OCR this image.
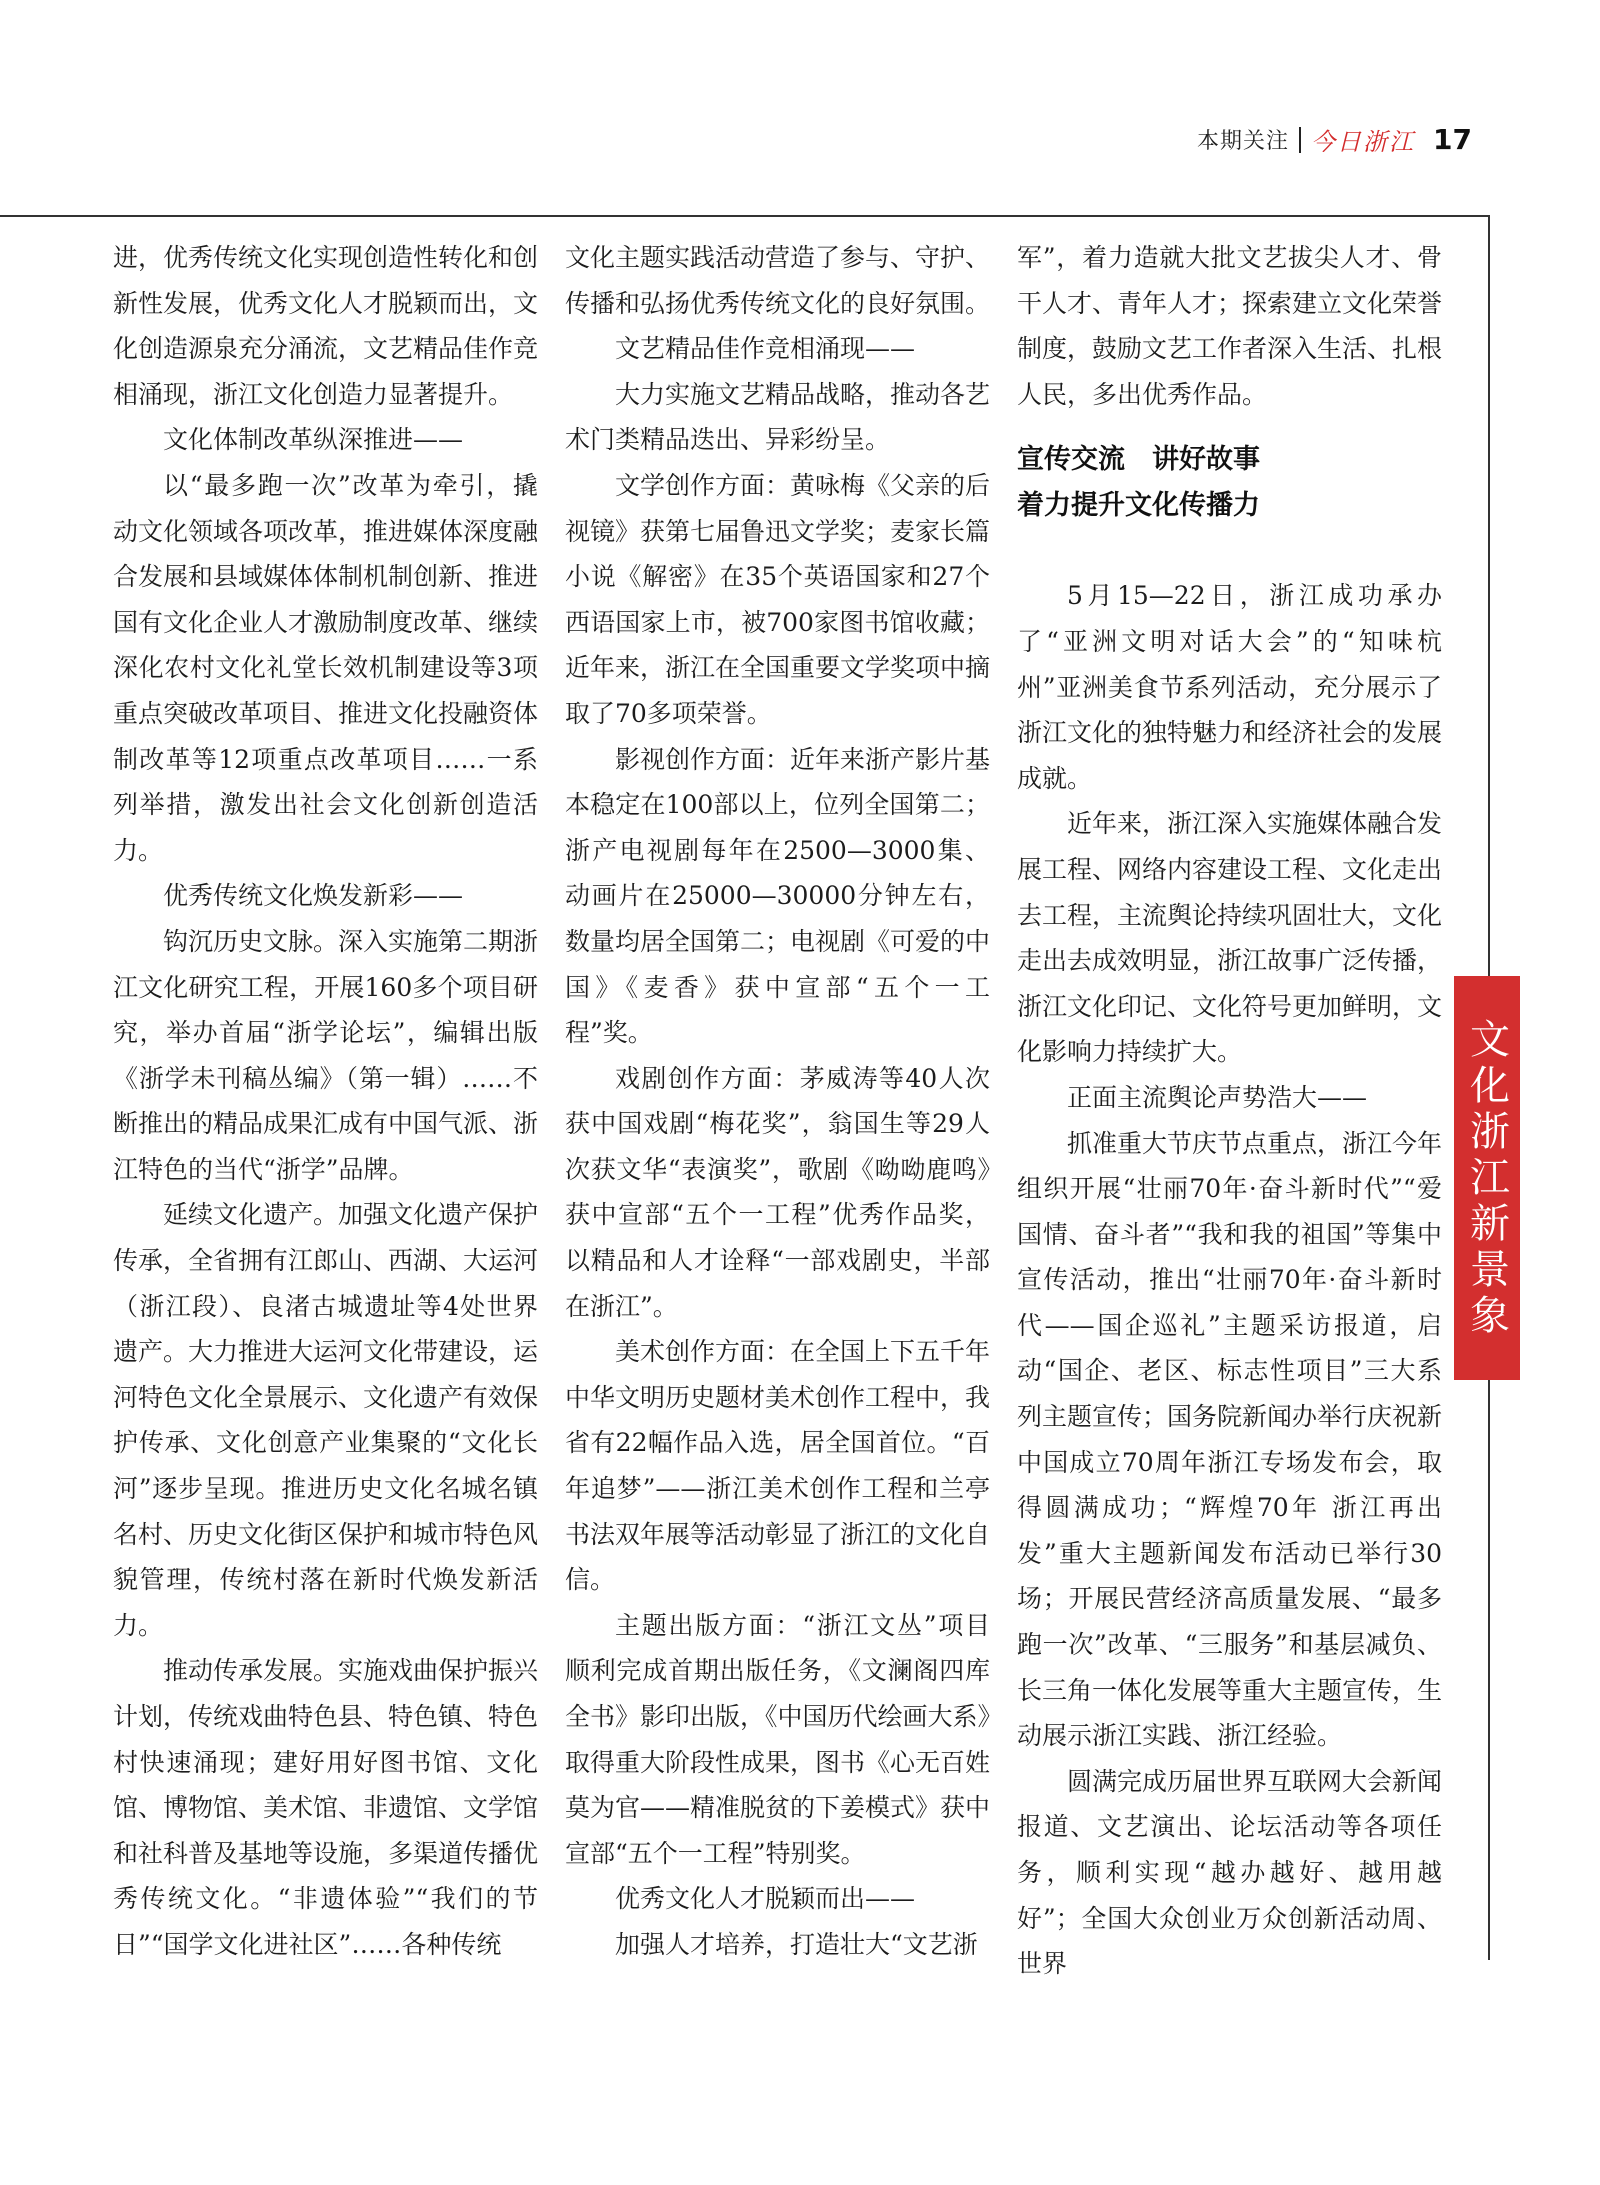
本期关注 今日浙江 17

进，优秀传统文化实现创造性转化和创新性发展，优秀文化人才脱颖而出，文化创造源泉充分涌流，文艺精品佳作竞相涌现，浙江文化创造力显著提升。

文化体制改革纵深推进——

以“最多跑一次”改革为牵引，撬动文化领域各项改革，推进媒体深度融合发展和县域媒体体制机制创新、推进国有文化企业人才激励制度改革、继续深化农村文化礼堂长效机制建设等3项重点突破改革项目、推进文化投融资体制改革等12项重点改革项目……一系列举措，激发出社会文化创新创造活力。

优秀传统文化焕发新彩——

钩沉历史文脉。深入实施第二期浙江文化研究工程，开展160多个项目研究，举办首届“浙学论坛”，编辑出版《浙学未刊稿丛编》（第一辑）……不断推出的精品成果汇成有中国气派、浙江特色的当代“浙学”品牌。

延续文化遗产。加强文化遗产保护传承，全省拥有江郎山、西湖、大运河（浙江段）、良渚古城遗址等4处世界遗产。大力推进大运河文化带建设，运河特色文化全景展示、文化遗产有效保护传承、文化创意产业集聚的“文化长河”逐步呈现。推进历史文化名城名镇名村、历史文化街区保护和城市特色风貌管理，传统村落在新时代焕发新活力。

推动传承发展。实施戏曲保护振兴计划，传统戏曲特色县、特色镇、特色村快速涌现；建好用好图书馆、文化馆、博物馆、美术馆、非遗馆、文学馆和社科普及基地等设施，多渠道传播优秀传统文化。“非遗体验”“我们的节日”“国学文化进社区”……各种传统

文化主题实践活动营造了参与、守护、传播和弘扬优秀传统文化的良好氛围。

文艺精品佳作竞相涌现——

大力实施文艺精品战略，推动各艺术门类精品迭出、异彩纷呈。

文学创作方面：黄咏梅《父亲的后视镜》获第七届鲁迅文学奖；麦家长篇小说《解密》在35个英语国家和27个西语国家上市，被700家图书馆收藏；近年来，浙江在全国重要文学奖项中摘取了70多项荣誉。

影视创作方面：近年来浙产影片基本稳定在100部以上，位列全国第二；浙产电视剧每年在2500—3000集、动画片在25000—30000分钟左右，数量均居全国第二；电视剧《可爱的中国》《麦香》获中宣部“五个一工程”奖。

戏剧创作方面：茅威涛等40人次获中国戏剧“梅花奖”，翁国生等29人次获文华“表演奖”，歌剧《呦呦鹿鸣》获中宣部“五个一工程”优秀作品奖，以精品和人才诠释“一部戏剧史，半部在浙江”。

美术创作方面：在全国上下五千年中华文明历史题材美术创作工程中，我省有22幅作品入选，居全国首位。“百年追梦”——浙江美术创作工程和兰亭书法双年展等活动彰显了浙江的文化自信。

主题出版方面：“浙江文丛”项目顺利完成首期出版任务，《文澜阁四库全书》影印出版，《中国历代绘画大系》取得重大阶段性成果，图书《心无百姓莫为官——精准脱贫的下姜模式》获中宣部“五个一工程”特别奖。

优秀文化人才脱颖而出——

加强人才培养，打造壮大“文艺浙

军”，着力造就大批文艺拔尖人才、骨干人才、青年人才；探索建立文化荣誉制度，鼓励文艺工作者深入生活、扎根人民，多出优秀作品。

宣传交流　讲好故事
着力提升文化传播力

5月15—22日，浙江成功承办了“亚洲文明对话大会”的“知味杭州”亚洲美食节系列活动，充分展示了浙江文化的独特魅力和经济社会的发展成就。

近年来，浙江深入实施媒体融合发展工程、网络内容建设工程、文化走出去工程，主流舆论持续巩固壮大，文化走出去成效明显，浙江故事广泛传播，浙江文化印记、文化符号更加鲜明，文化影响力持续扩大。

正面主流舆论声势浩大——

抓准重大节庆节点重点，浙江今年组织开展“壮丽70年·奋斗新时代”“爱国情、奋斗者”“我和我的祖国”等集中宣传活动，推出“壮丽70年·奋斗新时代——国企巡礼”主题采访报道，启动“国企、老区、标志性项目”三大系列主题宣传；国务院新闻办举行庆祝新中国成立70周年浙江专场发布会，取得圆满成功；“辉煌70年 浙江再出发”重大主题新闻发布活动已举行30场；开展民营经济高质量发展、“最多跑一次”改革、“三服务”和基层减负、长三角一体化发展等重大主题宣传，生动展示浙江实践、浙江经验。

圆满完成历届世界互联网大会新闻报道、文艺演出、论坛活动等各项任务，顺利实现“越办越好、越用越好”；全国大众创业万众创新活动周、世界

文化浙江新景象
